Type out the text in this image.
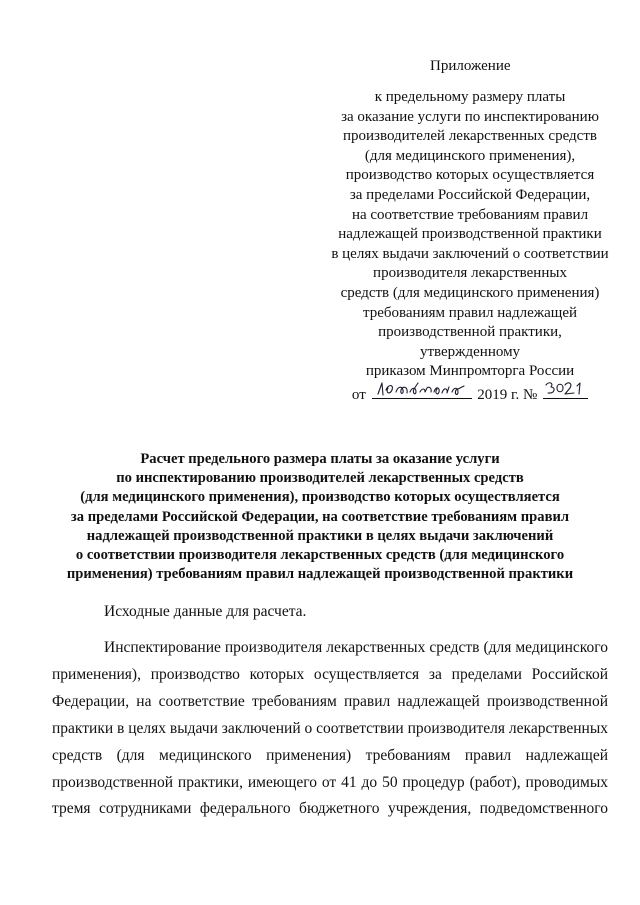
Приложение
к предельному размеру платы
за оказание услуги по инспектированию
производителей лекарственных средств
(для медицинского применения),
производство которых осуществляется
за пределами Российской Федерации,
на соответствие требованиям правил
надлежащей производственной практики
в целях выдачи заключений о соответствии
производителя лекарственных
средств (для медицинского применения)
требованиям правил надлежащей
производственной практики,
утвержденному
приказом Минпромторга России
от	2019 г. №
Расчет предельного размера платы за оказание услуги
по инспектированию производителей лекарственных средств
(для медицинского применения), производство которых осуществляется
за пределами Российской Федерации, на соответствие требованиям правил
надлежащей производственной практики в целях выдачи заключений
о соответствии производителя лекарственных средств (для медицинского
применения) требованиям правил надлежащей производственной практики
Исходные данные для расчета.
Инспектирование производителя лекарственных средств (для медицинского
применения), производство которых осуществляется за пределами Российской
Федерации, на соответствие требованиям правил надлежащей производственной
практики в целях выдачи заключений о соответствии производителя лекарственных
средств (для медицинского применения) требованиям правил надлежащей
производственной практики, имеющего от 41 до 50 процедур (работ), проводимых
тремя сотрудниками федерального бюджетного учреждения, подведомственного
